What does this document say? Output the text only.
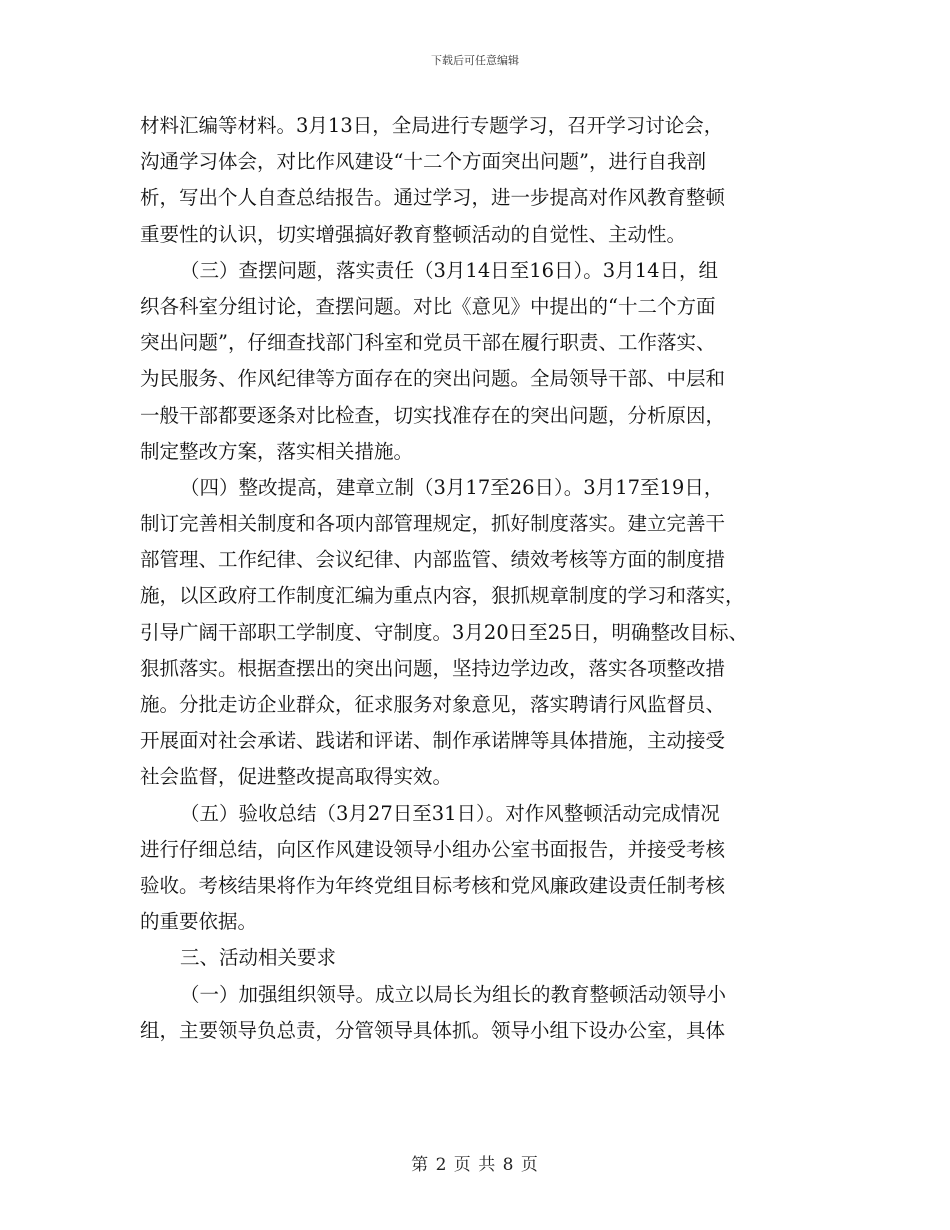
下载后可任意编辑
材料汇编等材料。3月13日，全局进行专题学习，召开学习讨论会，
沟通学习体会，对比作风建设“十二个方面突出问题”，进行自我剖
析，写出个人自查总结报告。通过学习，进一步提高对作风教育整顿
重要性的认识，切实增强搞好教育整顿活动的自觉性、主动性。
（三）查摆问题，落实责任（3月14日至16日）。3月14日，组
织各科室分组讨论，查摆问题。对比《意见》中提出的“十二个方面
突出问题”，仔细查找部门科室和党员干部在履行职责、工作落实、
为民服务、作风纪律等方面存在的突出问题。全局领导干部、中层和
一般干部都要逐条对比检查，切实找准存在的突出问题，分析原因，
制定整改方案，落实相关措施。
（四）整改提高，建章立制（3月17至26日）。3月17至19日，
制订完善相关制度和各项内部管理规定，抓好制度落实。建立完善干
部管理、工作纪律、会议纪律、内部监管、绩效考核等方面的制度措
施，以区政府工作制度汇编为重点内容，狠抓规章制度的学习和落实，
引导广阔干部职工学制度、守制度。3月20日至25日，明确整改目标、
狠抓落实。根据查摆出的突出问题，坚持边学边改，落实各项整改措
施。分批走访企业群众，征求服务对象意见，落实聘请行风监督员、
开展面对社会承诺、践诺和评诺、制作承诺牌等具体措施，主动接受
社会监督，促进整改提高取得实效。
（五）验收总结（3月27日至31日）。对作风整顿活动完成情况
进行仔细总结，向区作风建设领导小组办公室书面报告，并接受考核
验收。考核结果将作为年终党组目标考核和党风廉政建设责任制考核
的重要依据。
三、活动相关要求
（一）加强组织领导。成立以局长为组长的教育整顿活动领导小
组，主要领导负总责，分管领导具体抓。领导小组下设办公室，具体
第 2 页 共 8 页
